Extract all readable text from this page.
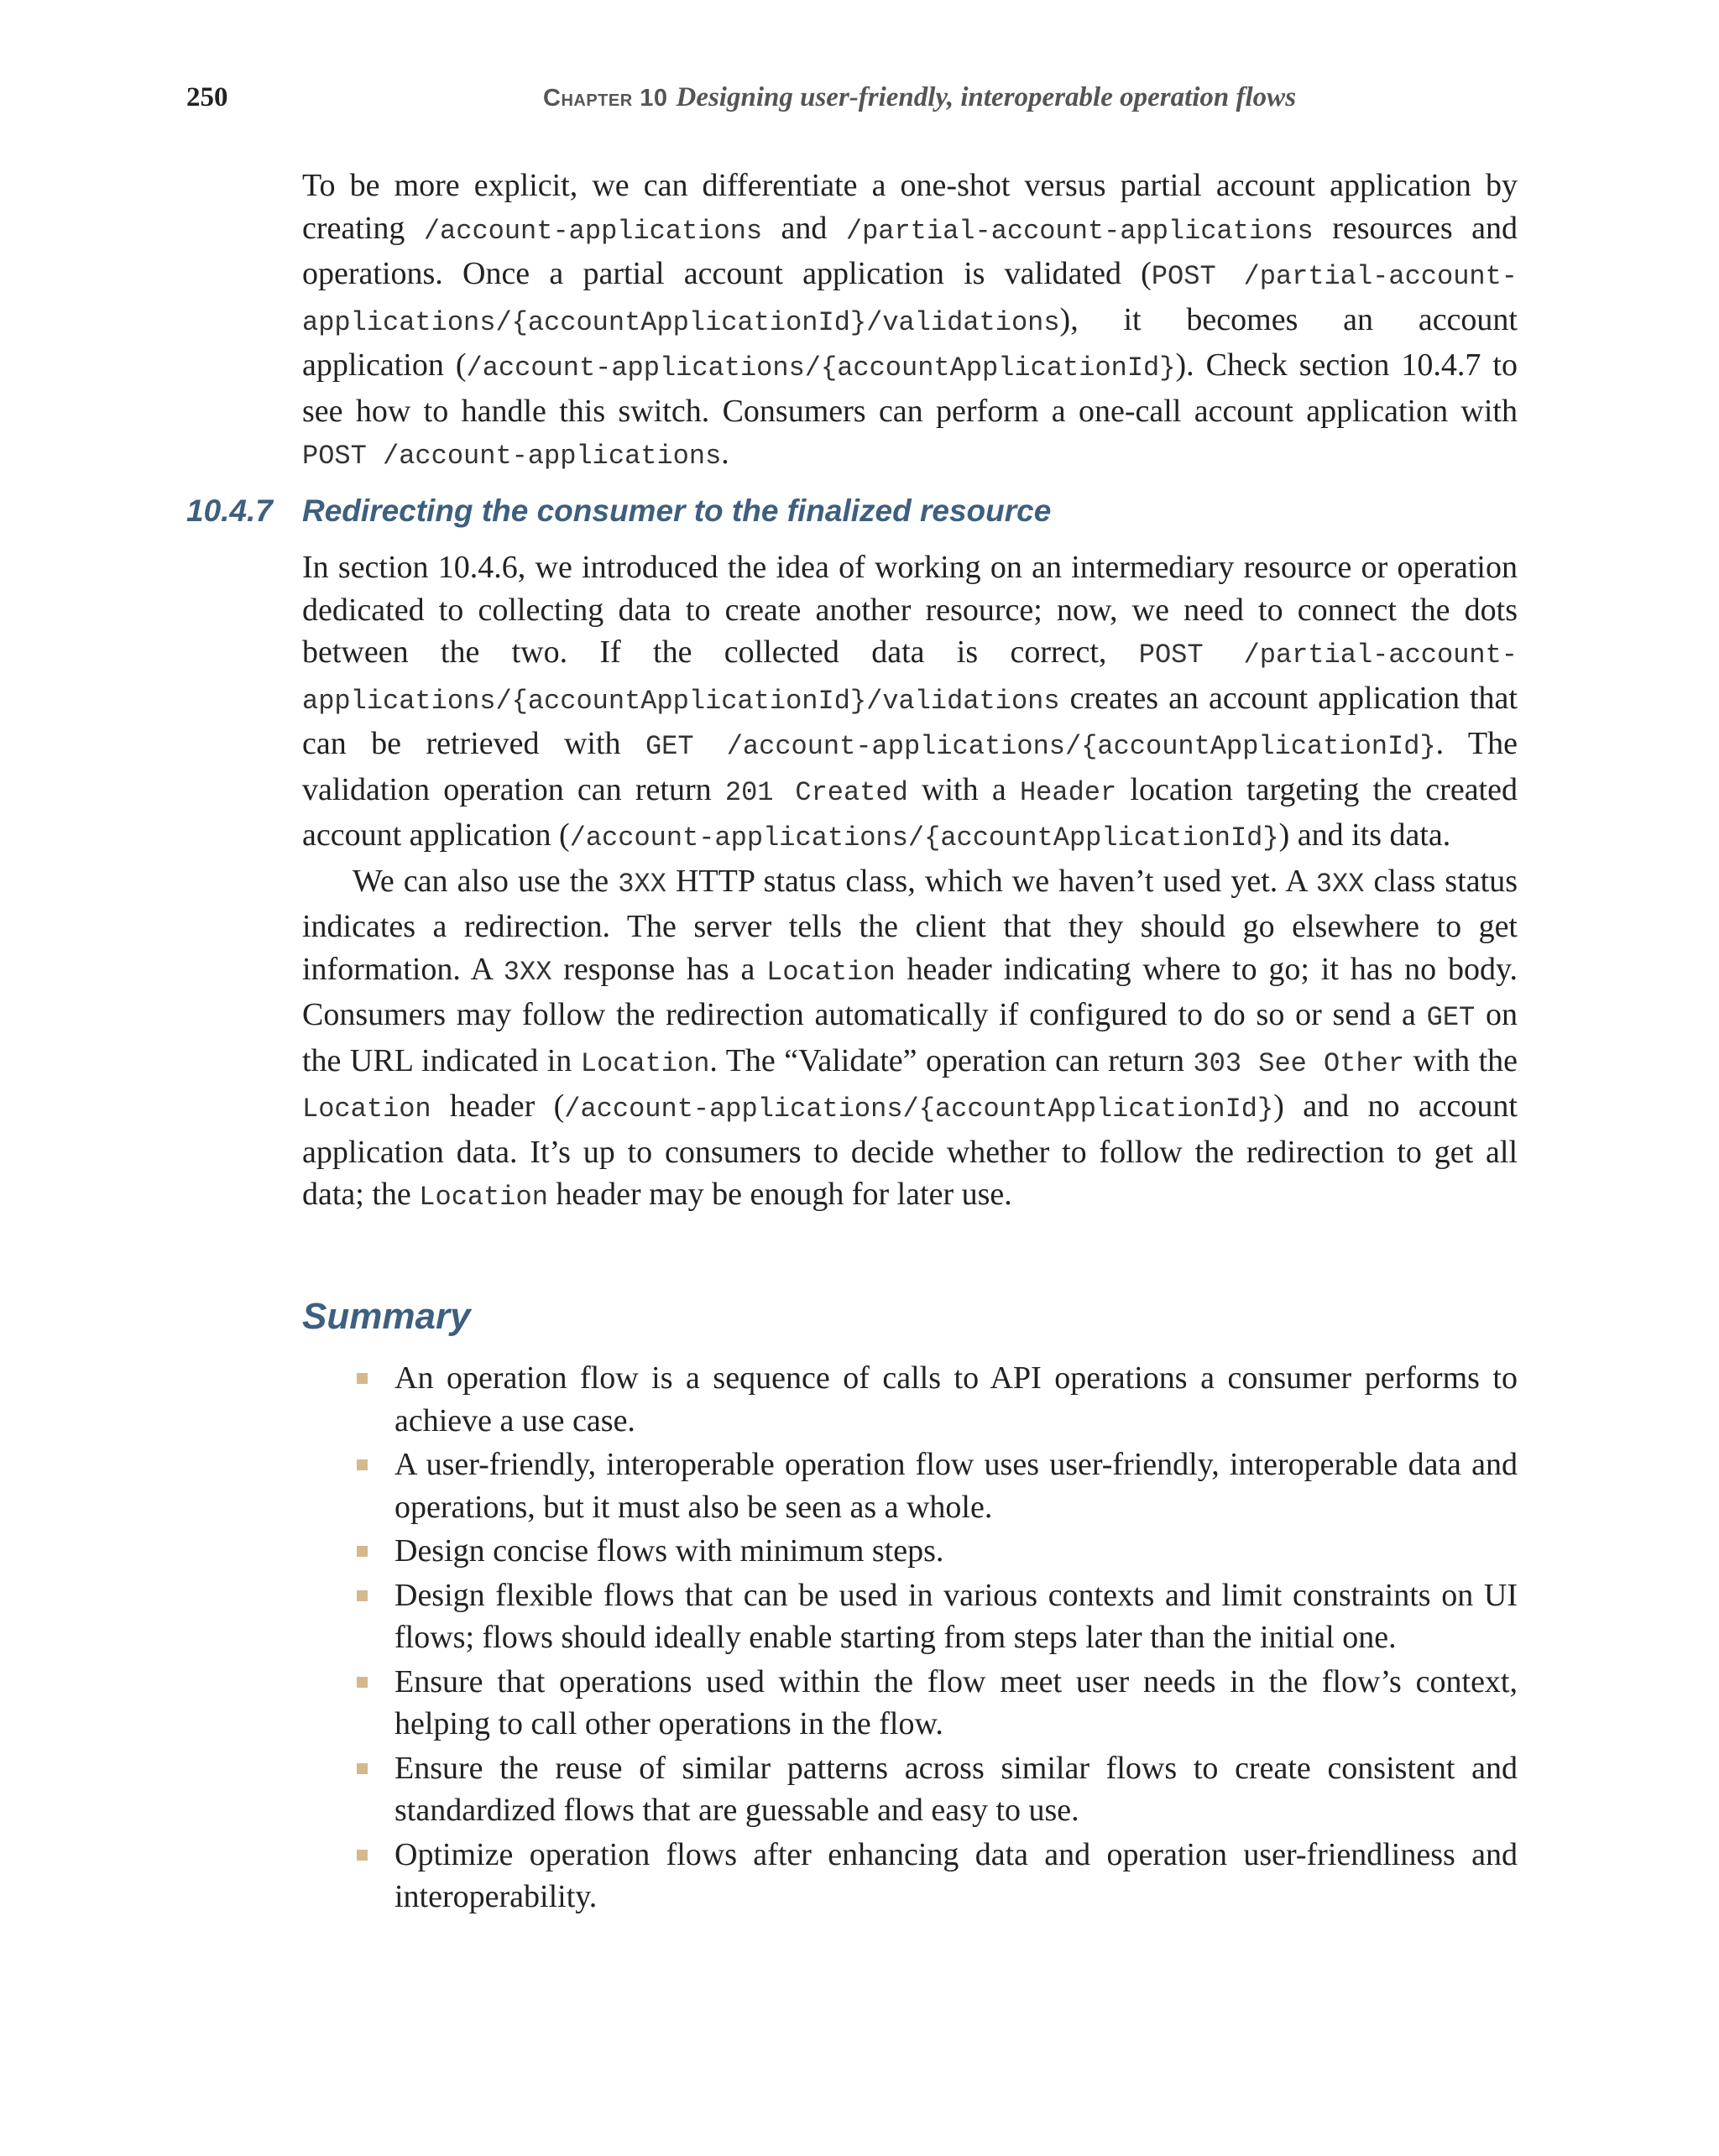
250	Chapter 10 Designing user-friendly, interoperable operation flows

To be more explicit, we can differentiate a one-shot versus partial account application by creating /account-applications and /partial-account-applications resources and operations. Once a partial account application is validated (POST /partial-account-applications/{accountApplicationId}/validations), it becomes an account application (/account-applications/{accountApplicationId}). Check section 10.4.7 to see how to handle this switch. Consumers can perform a one-call account application with POST /account-applications.

10.4.7 Redirecting the consumer to the finalized resource

In section 10.4.6, we introduced the idea of working on an intermediary resource or operation dedicated to collecting data to create another resource; now, we need to connect the dots between the two. If the collected data is correct, POST /partial-account-applications/{accountApplicationId}/validations creates an account application that can be retrieved with GET /account-applications/{accountApplicationId}. The validation operation can return 201 Created with a Header location targeting the created account application (/account-applications/{accountApplicationId}) and its data.

We can also use the 3XX HTTP status class, which we haven’t used yet. A 3XX class status indicates a redirection. The server tells the client that they should go elsewhere to get information. A 3XX response has a Location header indicating where to go; it has no body. Consumers may follow the redirection automatically if configured to do so or send a GET on the URL indicated in Location. The “Validate” operation can return 303 See Other with the Location header (/account-applications/{accountApplicationId}) and no account application data. It’s up to consumers to decide whether to follow the redirection to get all data; the Location header may be enough for later use.

Summary
An operation flow is a sequence of calls to API operations a consumer performs to achieve a use case.
A user-friendly, interoperable operation flow uses user-friendly, interoperable data and operations, but it must also be seen as a whole.
Design concise flows with minimum steps.
Design flexible flows that can be used in various contexts and limit constraints on UI flows; flows should ideally enable starting from steps later than the initial one.
Ensure that operations used within the flow meet user needs in the flow’s context, helping to call other operations in the flow.
Ensure the reuse of similar patterns across similar flows to create consistent and standardized flows that are guessable and easy to use.
Optimize operation flows after enhancing data and operation user-friendliness and interoperability.
